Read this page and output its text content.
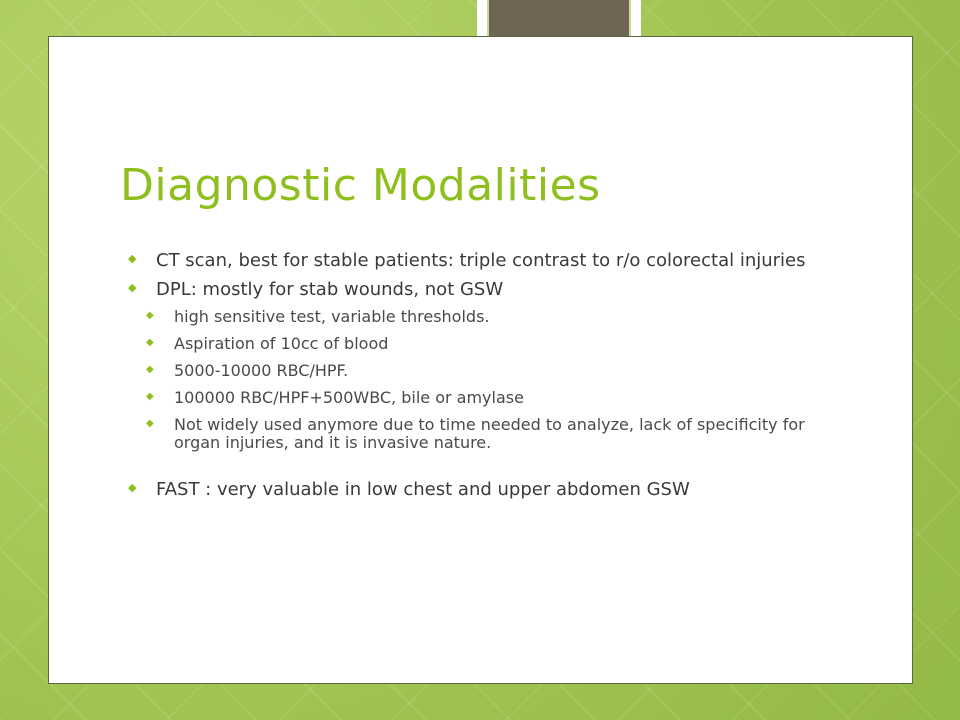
Diagnostic Modalities
◆ CT scan, best for stable patients: triple contrast to r/o colorectal injuries
◆ DPL: mostly for stab wounds, not GSW
◆ high sensitive test, variable thresholds.
◆ Aspiration of 10cc of blood
◆ 5000-10000 RBC/HPF.
◆ 100000 RBC/HPF+500WBC, bile or amylase
◆ Not widely used anymore due to time needed to analyze, lack of specificity for organ injuries, and it is invasive nature.
◆ FAST : very valuable in low chest and upper abdomen GSW
